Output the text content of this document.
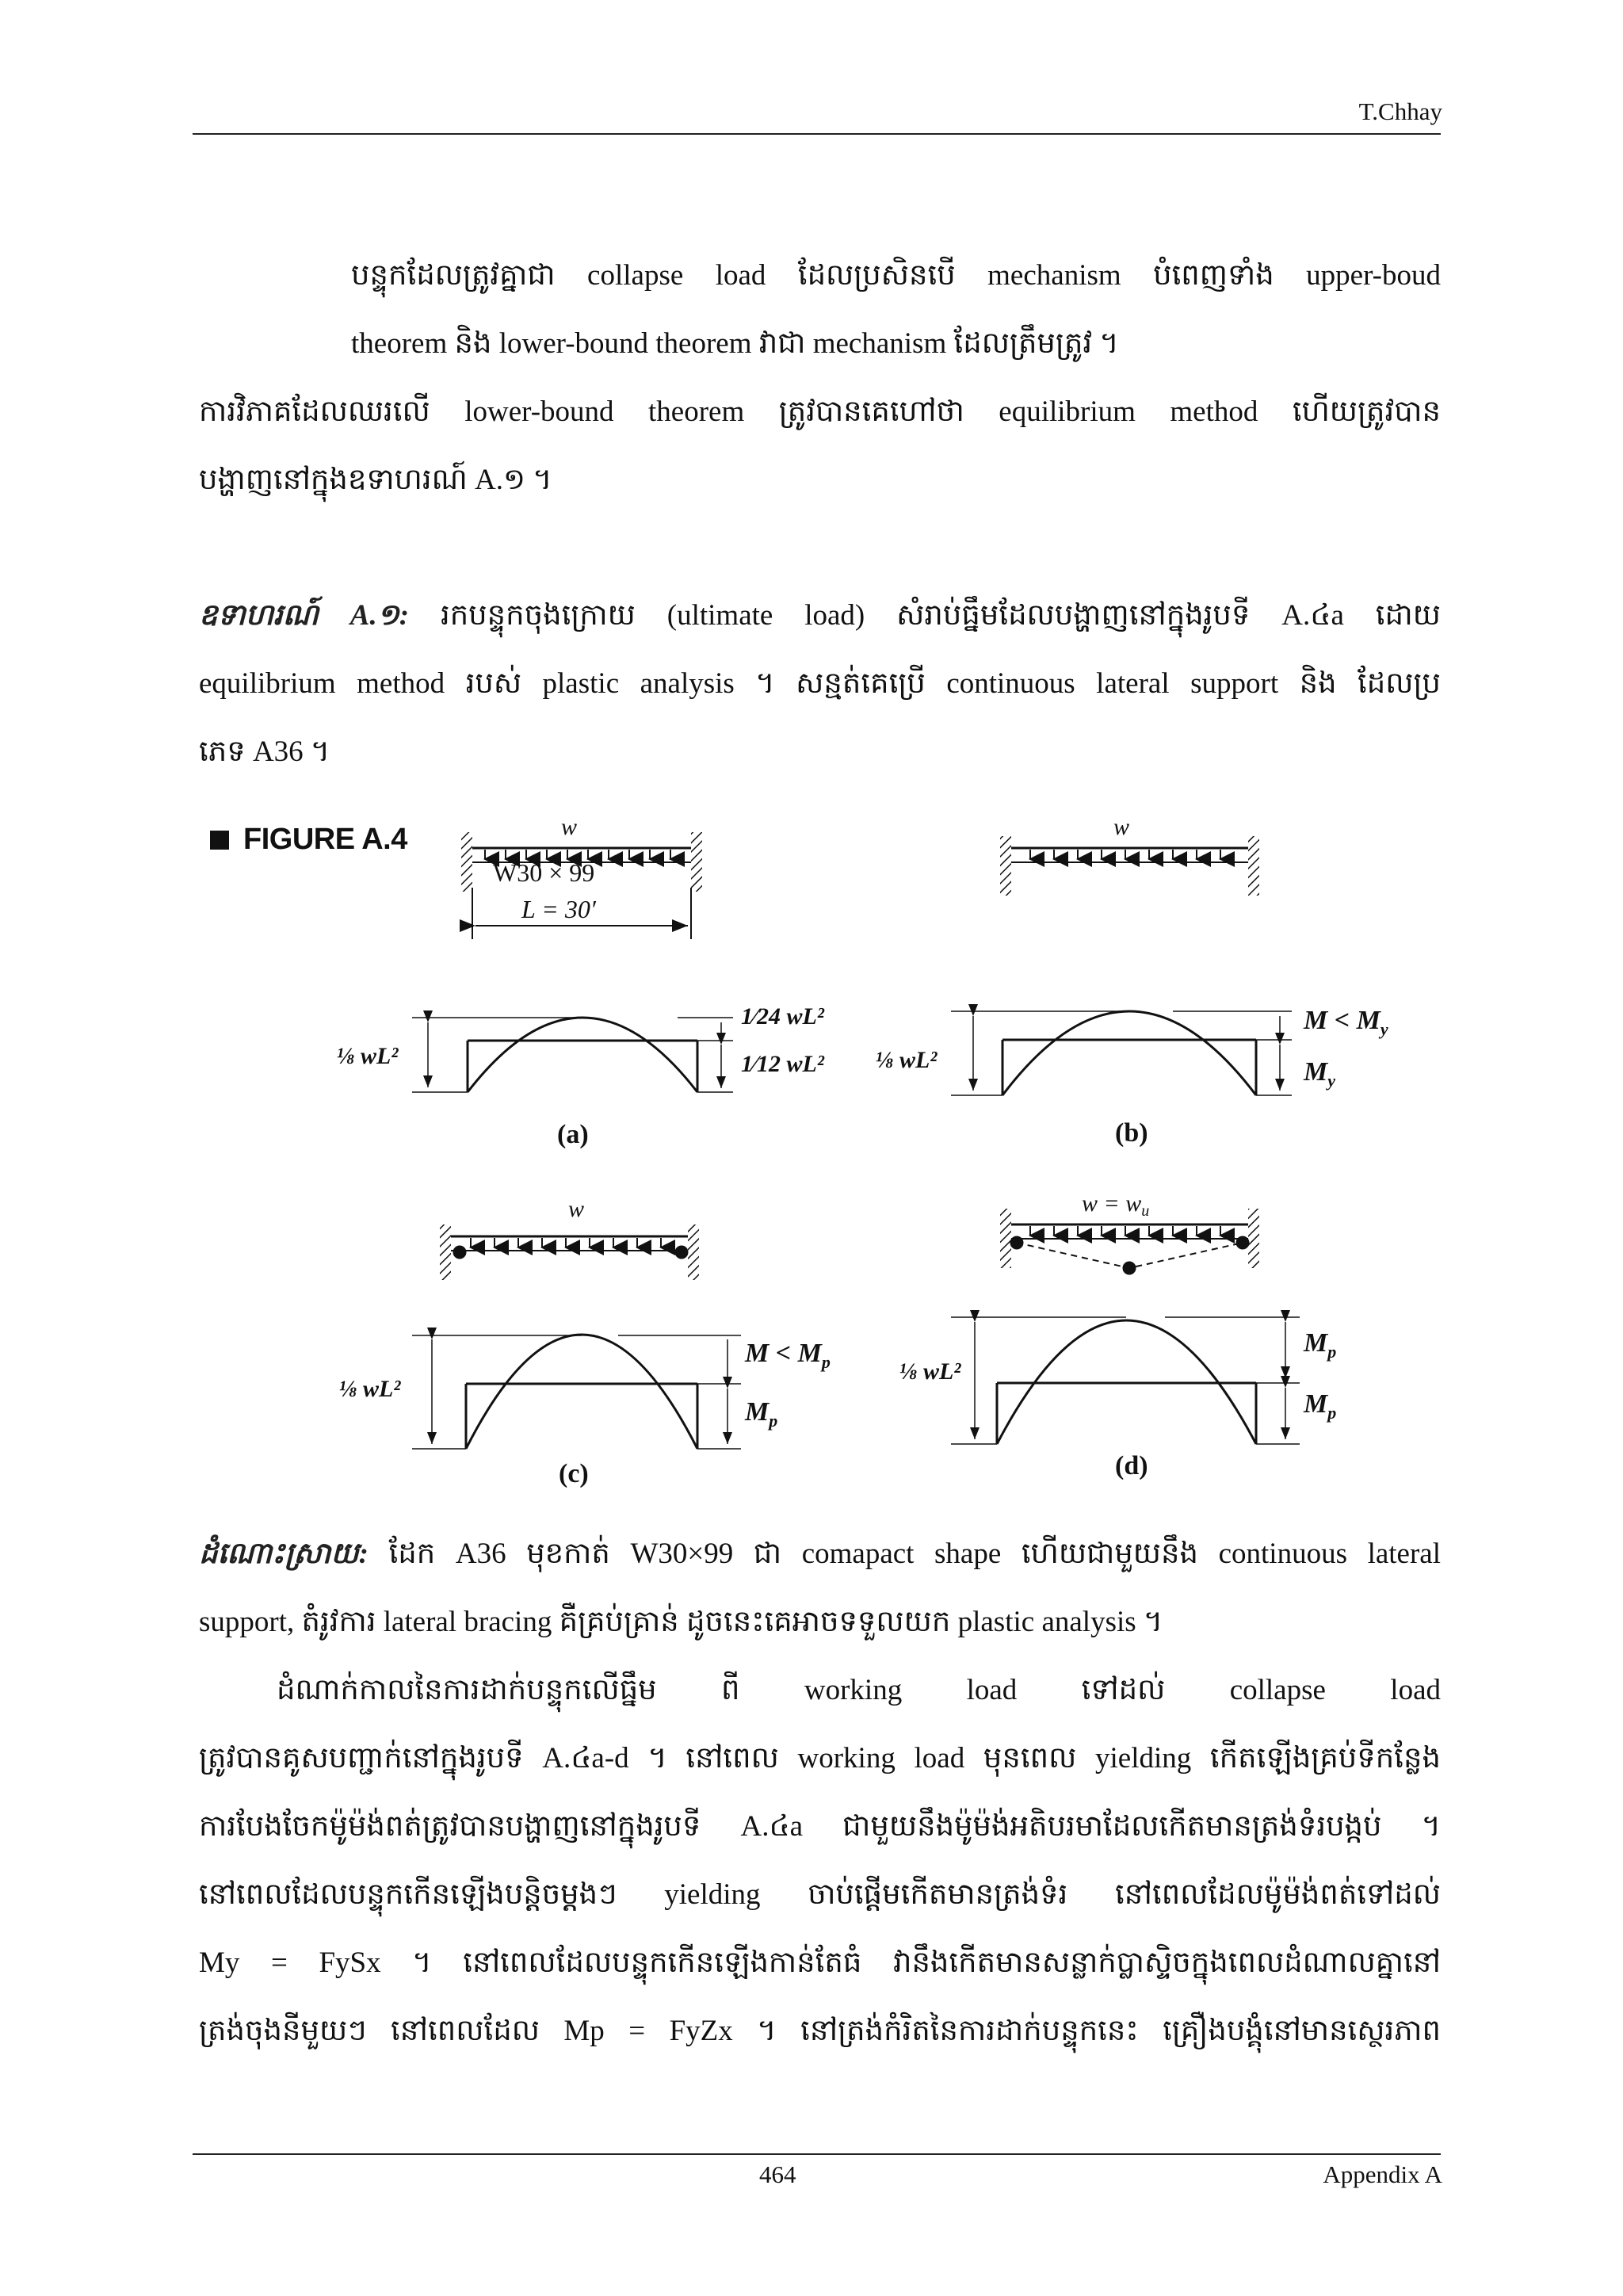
T.Chhay
បន្ទុកដែលត្រូវគ្នាជា collapse load ដែលប្រសិនបើ mechanism បំពេញទាំង upper-boud
theorem និង lower-bound theorem វាជា mechanism ដែលត្រឹមត្រូវ ។
ការវិភាគដែលឈរលើ lower-bound theorem ត្រូវបានគេហៅថា equilibrium method ហើយត្រូវបាន
បង្ហាញនៅក្នុងឧទាហរណ៍ A.១ ។
ឧទាហរណ៍ A.១: រកបន្ទុកចុងក្រោយ (ultimate load) សំរាប់ធ្នឹមដែលបង្ហាញនៅក្នុងរូបទី A.៤a ដោយ
equilibrium method របស់ plastic analysis ។ សន្មត់គេប្រើ continuous lateral support និង ដែលប្រ
ភេទ A36 ។
FIGURE A.4	w
W30 × 99
L = 30′
w
⅛ wL²
1⁄24 wL²
1⁄12 wL²
(a)
⅛ wL²
$M < M_y$
$M_y$
(b)
w	$w = w_u$
⅛ wL²
$M < M_p$
$M_p$
(c)
⅛ wL²
$M_p$
$M_p$
(d)
ដំណោះស្រាយ: ដែក A36 មុខកាត់ W30×99 ជា comapact shape ហើយជាមួយនឹង continuous lateral
support, តំរូវការ lateral bracing គឺគ្រប់គ្រាន់ ដូចនេះគេអាចទទួលយក plastic analysis ។
ដំណាក់កាលនៃការដាក់បន្ទុកលើធ្នឹម ពី working load ទៅដល់ collapse load
ត្រូវបានគូសបញ្ជាក់នៅក្នុងរូបទី A.៤a-d ។ នៅពេល working load មុនពេល yielding កើតឡើងគ្រប់ទីកន្លែង
ការបែងចែកម៉ូម៉ង់ពត់ត្រូវបានបង្ហាញនៅក្នុងរូបទី A.៤a ជាមួយនឹងម៉ូម៉ង់អតិបរមាដែលកើតមានត្រង់ទំរបង្កប់ ។
នៅពេលដែលបន្ទុកកើនឡើងបន្តិចម្តងៗ yielding ចាប់ផ្តើមកើតមានត្រង់ទំរ នៅពេលដែលម៉ូម៉ង់ពត់ទៅដល់
My = FySx ។ នៅពេលដែលបន្ទុកកើនឡើងកាន់តែធំ វានឹងកើតមានសន្លាក់ប្លាស្ទិចក្នុងពេលដំណាលគ្នានៅ
ត្រង់ចុងនីមួយៗ នៅពេលដែល Mp = FyZx ។ នៅត្រង់កំរិតនៃការដាក់បន្ទុកនេះ គ្រឿងបង្គុំនៅមានស្ថេរភាព
464	Appendix A
